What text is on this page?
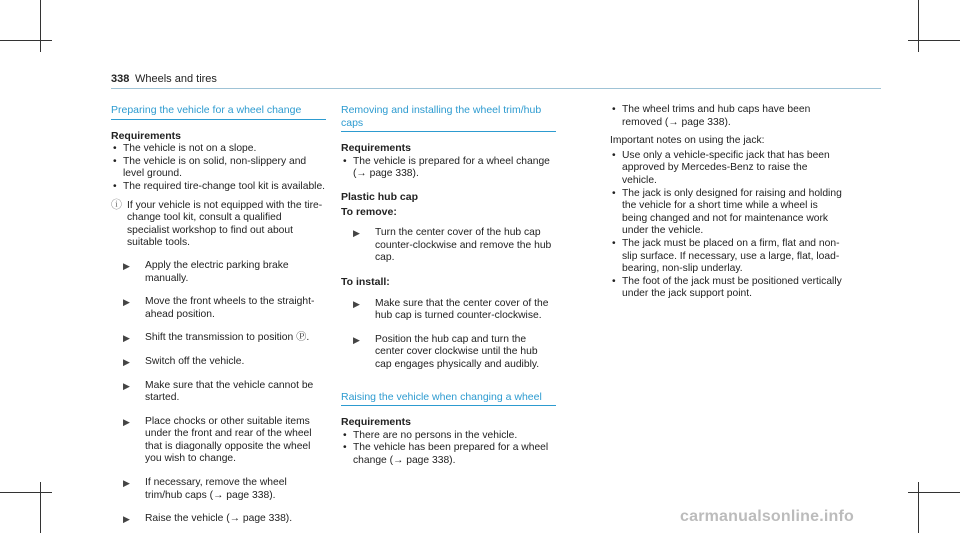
338 Wheels and tires
Preparing the vehicle for a wheel change
Requirements
• The vehicle is not on a slope.
• The vehicle is on solid, non-slippery and level ground.
• The required tire-change tool kit is available.
ⓘ If your vehicle is not equipped with the tire-change tool kit, consult a qualified specialist workshop to find out about suitable tools.
▶ Apply the electric parking brake manually.
▶ Move the front wheels to the straight-ahead position.
▶ Shift the transmission to position Ⓟ.
▶ Switch off the vehicle.
▶ Make sure that the vehicle cannot be started.
▶ Place chocks or other suitable items under the front and rear of the wheel that is diagonally opposite the wheel you wish to change.
▶ If necessary, remove the wheel trim/hub caps (→ page 338).
▶ Raise the vehicle (→ page 338).
Removing and installing the wheel trim/hub caps
Requirements
• The vehicle is prepared for a wheel change (→ page 338).
Plastic hub cap
To remove:
▶ Turn the center cover of the hub cap counter-clockwise and remove the hub cap.
To install:
▶ Make sure that the center cover of the hub cap is turned counter-clockwise.
▶ Position the hub cap and turn the center cover clockwise until the hub cap engages physically and audibly.
Raising the vehicle when changing a wheel
Requirements
• There are no persons in the vehicle.
• The vehicle has been prepared for a wheel change (→ page 338).
• The wheel trims and hub caps have been removed (→ page 338).
Important notes on using the jack:
• Use only a vehicle-specific jack that has been approved by Mercedes-Benz to raise the vehicle.
• The jack is only designed for raising and holding the vehicle for a short time while a wheel is being changed and not for maintenance work under the vehicle.
• The jack must be placed on a firm, flat and non-slip surface. If necessary, use a large, flat, load-bearing, non-slip underlay.
• The foot of the jack must be positioned vertically under the jack support point.
carmanualsonline.info
